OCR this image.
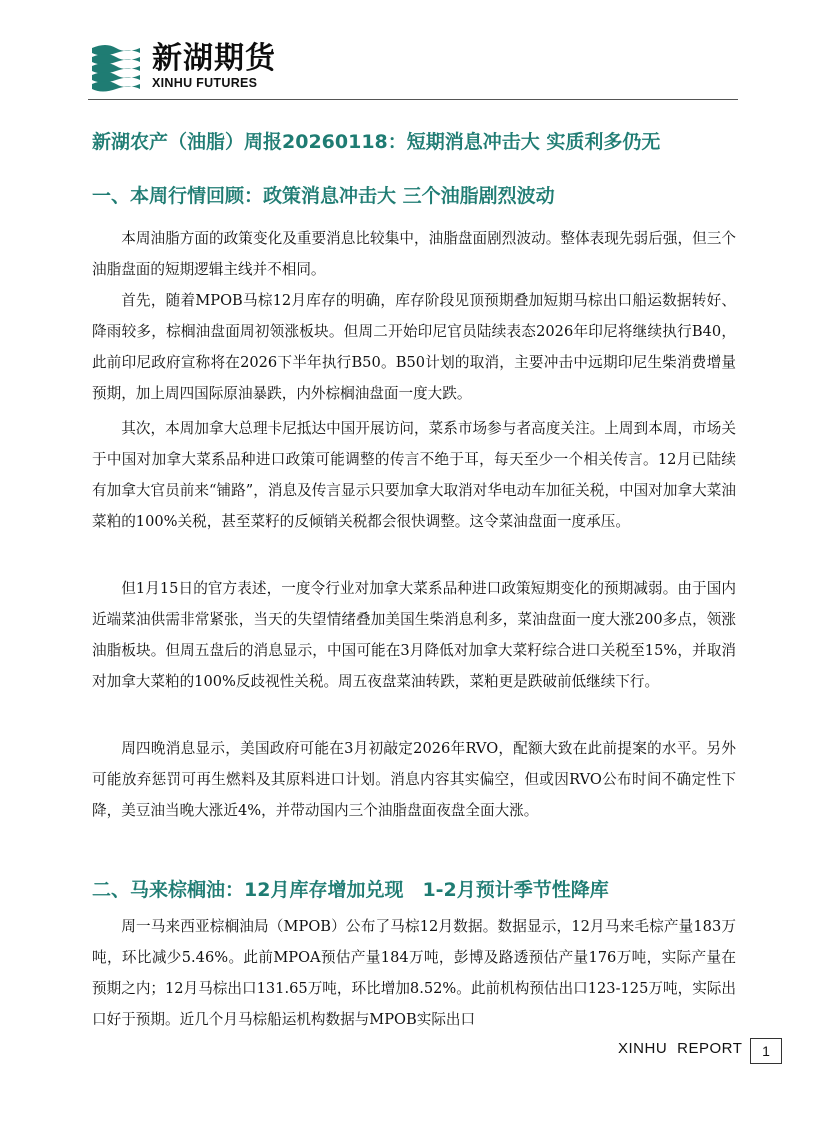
新湖期货
XINHU FUTURES
新湖农产（油脂）周报20260118：短期消息冲击大 实质利多仍无
一、本周行情回顾：政策消息冲击大 三个油脂剧烈波动

本周油脂方面的政策变化及重要消息比较集中，油脂盘面剧烈波动。整体表现先弱后强，但三个油脂盘面的短期逻辑主线并不相同。

首先，随着MPOB马棕12月库存的明确，库存阶段见顶预期叠加短期马棕出口船运数据转好、降雨较多，棕榈油盘面周初领涨板块。但周二开始印尼官员陆续表态2026年印尼将继续执行B40，此前印尼政府宣称将在2026下半年执行B50。B50计划的取消，主要冲击中远期印尼生柴消费增量预期，加上周四国际原油暴跌，内外棕榈油盘面一度大跌。

其次，本周加拿大总理卡尼抵达中国开展访问，菜系市场参与者高度关注。上周到本周，市场关于中国对加拿大菜系品种进口政策可能调整的传言不绝于耳，每天至少一个相关传言。12月已陆续有加拿大官员前来“铺路”，消息及传言显示只要加拿大取消对华电动车加征关税，中国对加拿大菜油菜粕的100%关税，甚至菜籽的反倾销关税都会很快调整。这令菜油盘面一度承压。

但1月15日的官方表述，一度令行业对加拿大菜系品种进口政策短期变化的预期减弱。由于国内近端菜油供需非常紧张，当天的失望情绪叠加美国生柴消息利多，菜油盘面一度大涨200多点，领涨油脂板块。但周五盘后的消息显示，中国可能在3月降低对加拿大菜籽综合进口关税至15%，并取消对加拿大菜粕的100%反歧视性关税。周五夜盘菜油转跌，菜粕更是跌破前低继续下行。

周四晚消息显示，美国政府可能在3月初敲定2026年RVO，配额大致在此前提案的水平。另外可能放弃惩罚可再生燃料及其原料进口计划。消息内容其实偏空，但或因RVO公布时间不确定性下降，美豆油当晚大涨近4%，并带动国内三个油脂盘面夜盘全面大涨。

二、马来棕榈油：12月库存增加兑现　1-2月预计季节性降库

周一马来西亚棕榈油局（MPOB）公布了马棕12月数据。数据显示，12月马来毛棕产量183万吨，环比减少5.46%。此前MPOA预估产量184万吨，彭博及路透预估产量176万吨，实际产量在预期之内；12月马棕出口131.65万吨，环比增加8.52%。此前机构预估出口123-125万吨，实际出口好于预期。近几个月马棕船运机构数据与MPOB实际出口

XINHU REPORT	1
